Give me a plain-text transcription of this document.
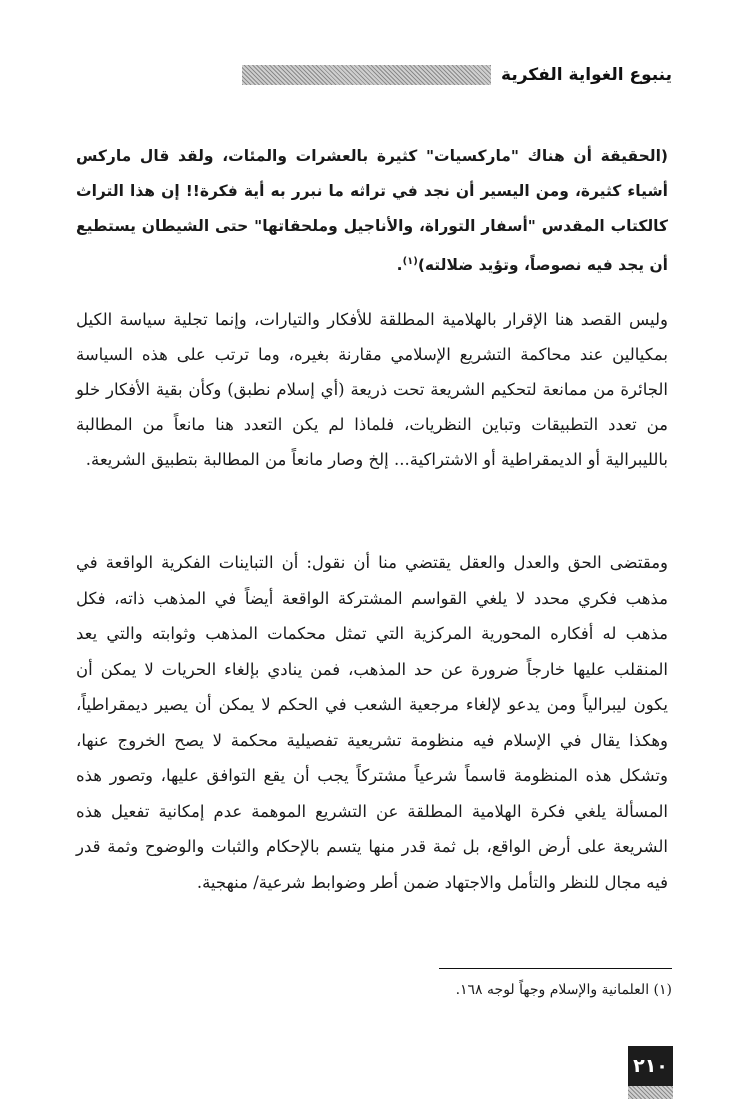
ينبوع الغواية الفكرية

(الحقيقة أن هناك "ماركسيات" كثيرة بالعشرات والمئات، ولقد قال ماركس أشياء كثيرة، ومن اليسير أن نجد في تراثه ما نبرر به أية فكرة!! إن هذا التراث كالكتاب المقدس "أسفار التوراة، والأناجيل وملحقاتها" حتى الشيطان يستطيع أن يجد فيه نصوصاً، وتؤيد ضلالته)$^{(١)}$.

وليس القصد هنا الإقرار بالهلامية المطلقة للأفكار والتيارات، وإنما تجلية سياسة الكيل بمكيالين عند محاكمة التشريع الإسلامي مقارنة بغيره، وما ترتب على هذه السياسة الجائرة من ممانعة لتحكيم الشريعة تحت ذريعة (أي إسلام نطبق) وكأن بقية الأفكار خلو من تعدد التطبيقات وتباين النظريات، فلماذا لم يكن التعدد هنا مانعاً من المطالبة بالليبرالية أو الديمقراطية أو الاشتراكية... إلخ وصار مانعاً من المطالبة بتطبيق الشريعة.

ومقتضى الحق والعدل والعقل يقتضي منا أن نقول: أن التباينات الفكرية الواقعة في مذهب فكري محدد لا يلغي القواسم المشتركة الواقعة أيضاً في المذهب ذاته، فكل مذهب له أفكاره المحورية المركزية التي تمثل محكمات المذهب وثوابته والتي يعد المنقلب عليها خارجاً ضرورة عن حد المذهب، فمن ينادي بإلغاء الحريات لا يمكن أن يكون ليبرالياً ومن يدعو لإلغاء مرجعية الشعب في الحكم لا يمكن أن يصير ديمقراطياً، وهكذا يقال في الإسلام فيه منظومة تشريعية تفصيلية محكمة لا يصح الخروج عنها، وتشكل هذه المنظومة قاسماً شرعياً مشتركاً يجب أن يقع التوافق عليها، وتصور هذه المسألة يلغي فكرة الهلامية المطلقة عن التشريع الموهمة عدم إمكانية تفعيل هذه الشريعة على أرض الواقع، بل ثمة قدر منها يتسم بالإحكام والثبات والوضوح وثمة قدر فيه مجال للنظر والتأمل والاجتهاد ضمن أطر وضوابط شرعية/ منهجية.

(١) العلمانية والإسلام وجهاً لوجه ١٦٨.
٢١٠
